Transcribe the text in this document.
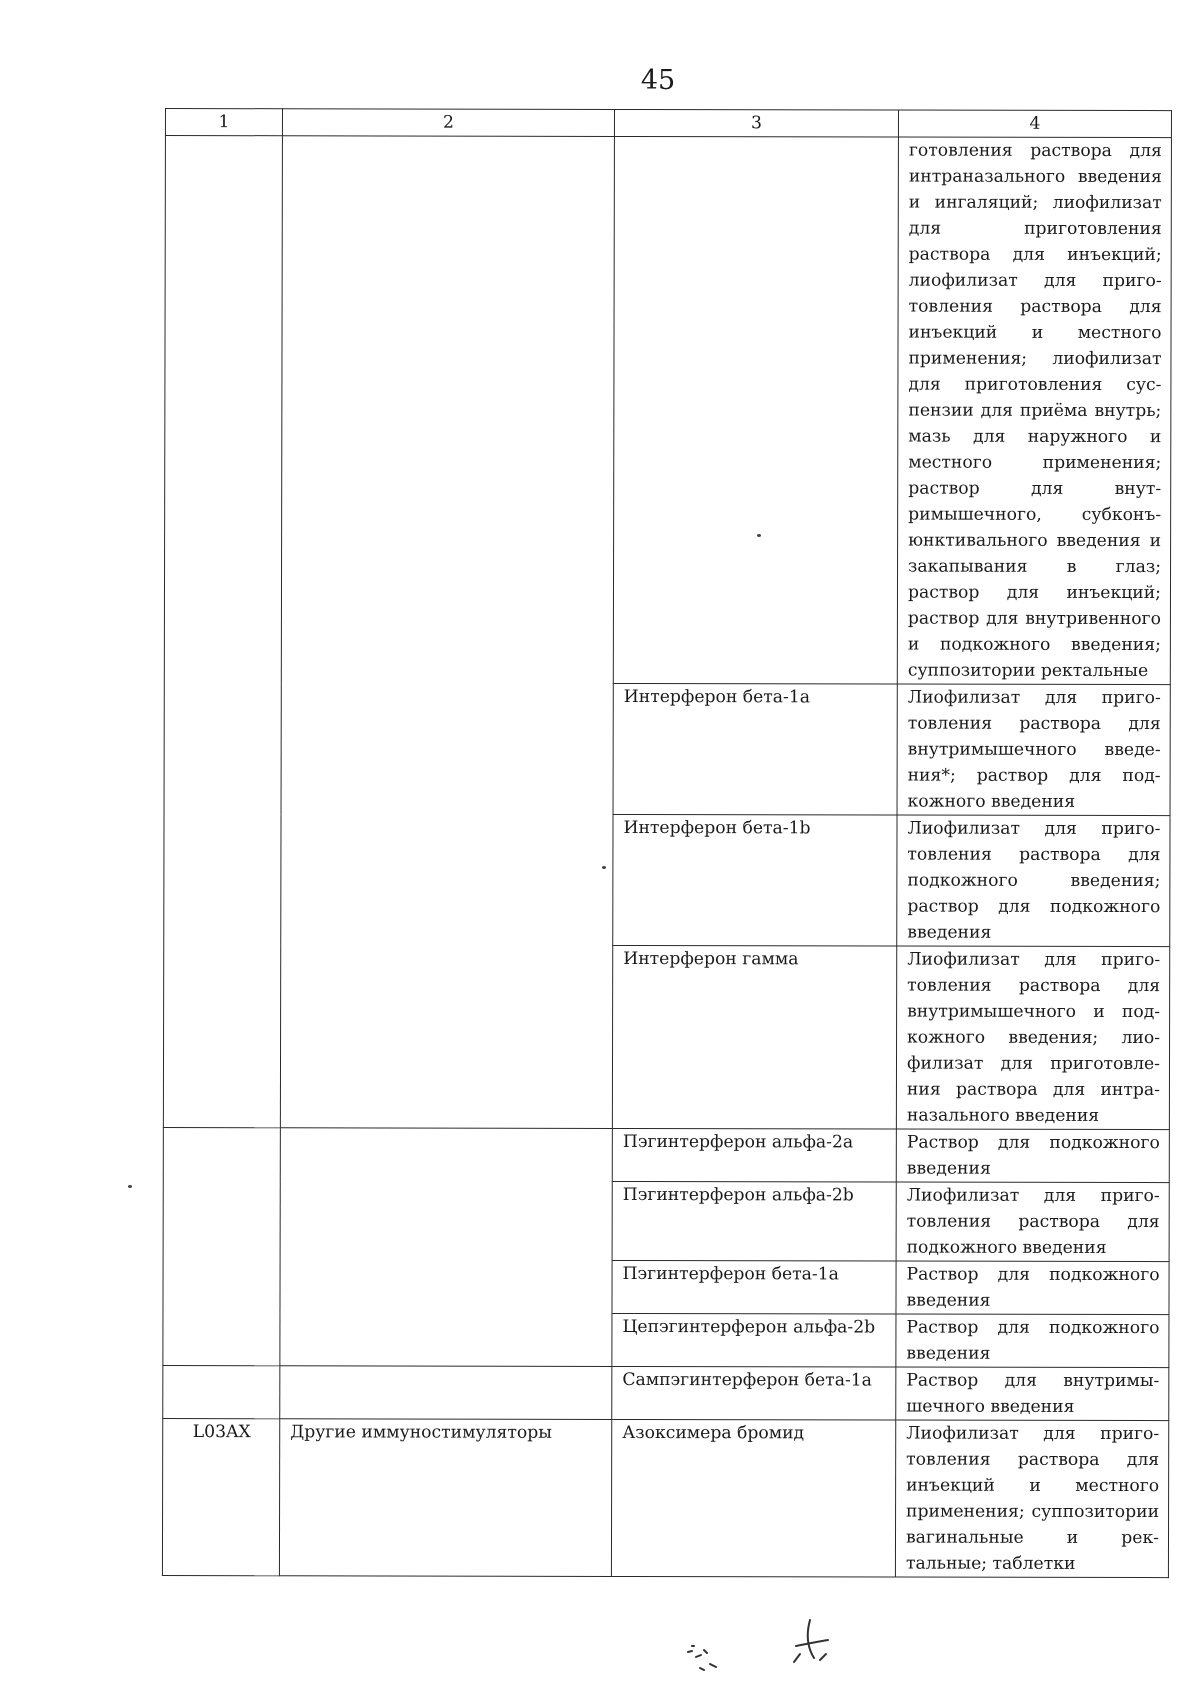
45
1	2	3	4
			готовления раствора для интраназального введения и ингаляций; лиофилизат для приготовления раствора для инъекций; лиофилизат для приготовления раствора для инъекций и местного применения; лиофилизат для приготовления суспензии для приёма внутрь; мазь для наружного и местного применения; раствор для внутримышечного, субконъюнктивального введения и закапывания в глаз; раствор для инъекций; раствор для внутривенного и подкожного введения; суппозитории ректальные
		Интерферон бета-1a	Лиофилизат для приготовления раствора для внутримышечного введения*; раствор для подкожного введения
		Интерферон бета-1b	Лиофилизат для приготовления раствора для подкожного введения; раствор для подкожного введения
		Интерферон гамма	Лиофилизат для приготовления раствора для внутримышечного и подкожного введения; лиофилизат для приготовления раствора для интраназального введения
		Пэгинтерферон альфа-2a	Раствор для подкожного введения
		Пэгинтерферон альфа-2b	Лиофилизат для приготовления раствора для подкожного введения
		Пэгинтерферон бета-1a	Раствор для подкожного введения
		Цепэгинтерферон альфа-2b	Раствор для подкожного введения
		Сампэгинтерферон бета-1a	Раствор для внутримышечного введения
L03AX	Другие иммуностимуляторы	Азоксимера бромид	Лиофилизат для приготовления раствора для инъекций и местного применения; суппозитории вагинальные и ректальные; таблетки
